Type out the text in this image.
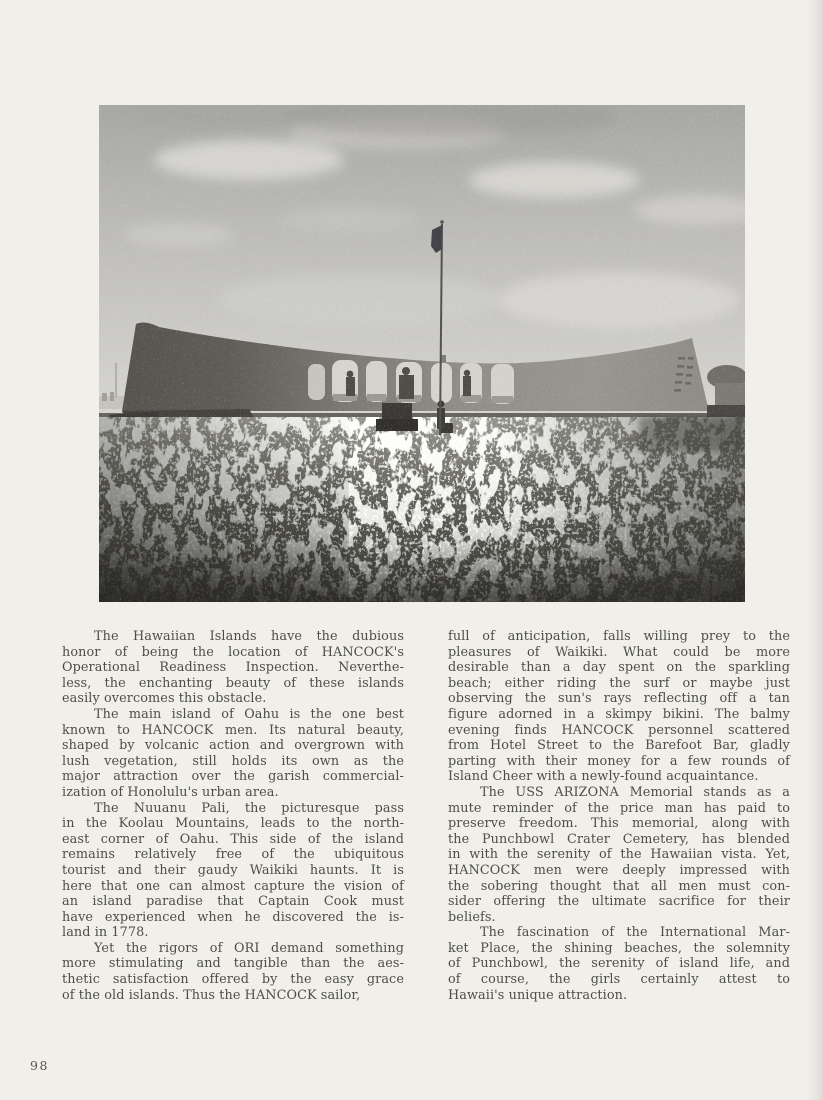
The Hawaiian Islands have the dubious
honor of being the location of HANCOCK's
Operational Readiness Inspection. Neverthe-
less, the enchanting beauty of these islands
easily overcomes this obstacle.
The main island of Oahu is the one best
known to HANCOCK men. Its natural beauty,
shaped by volcanic action and overgrown with
lush vegetation, still holds its own as the
major attraction over the garish commercial-
ization of Honolulu's urban area.
The Nuuanu Pali, the picturesque pass
in the Koolau Mountains, leads to the north-
east corner of Oahu. This side of the island
remains relatively free of the ubiquitous
tourist and their gaudy Waikiki haunts. It is
here that one can almost capture the vision of
an island paradise that Captain Cook must
have experienced when he discovered the is-
land in 1778.
Yet the rigors of ORI demand something
more stimulating and tangible than the aes-
thetic satisfaction offered by the easy grace
of the old islands. Thus the HANCOCK sailor,
full of anticipation, falls willing prey to the
pleasures of Waikiki. What could be more
desirable than a day spent on the sparkling
beach; either riding the surf or maybe just
observing the sun's rays reflecting off a tan
figure adorned in a skimpy bikini. The balmy
evening finds HANCOCK personnel scattered
from Hotel Street to the Barefoot Bar, gladly
parting with their money for a few rounds of
Island Cheer with a newly-found acquaintance.
The USS ARIZONA Memorial stands as a
mute reminder of the price man has paid to
preserve freedom. This memorial, along with
the Punchbowl Crater Cemetery, has blended
in with the serenity of the Hawaiian vista. Yet,
HANCOCK men were deeply impressed with
the sobering thought that all men must con-
sider offering the ultimate sacrifice for their
beliefs.
The fascination of the International Mar-
ket Place, the shining beaches, the solemnity
of Punchbowl, the serenity of island life, and
of course, the girls certainly attest to
Hawaii's unique attraction.
98
